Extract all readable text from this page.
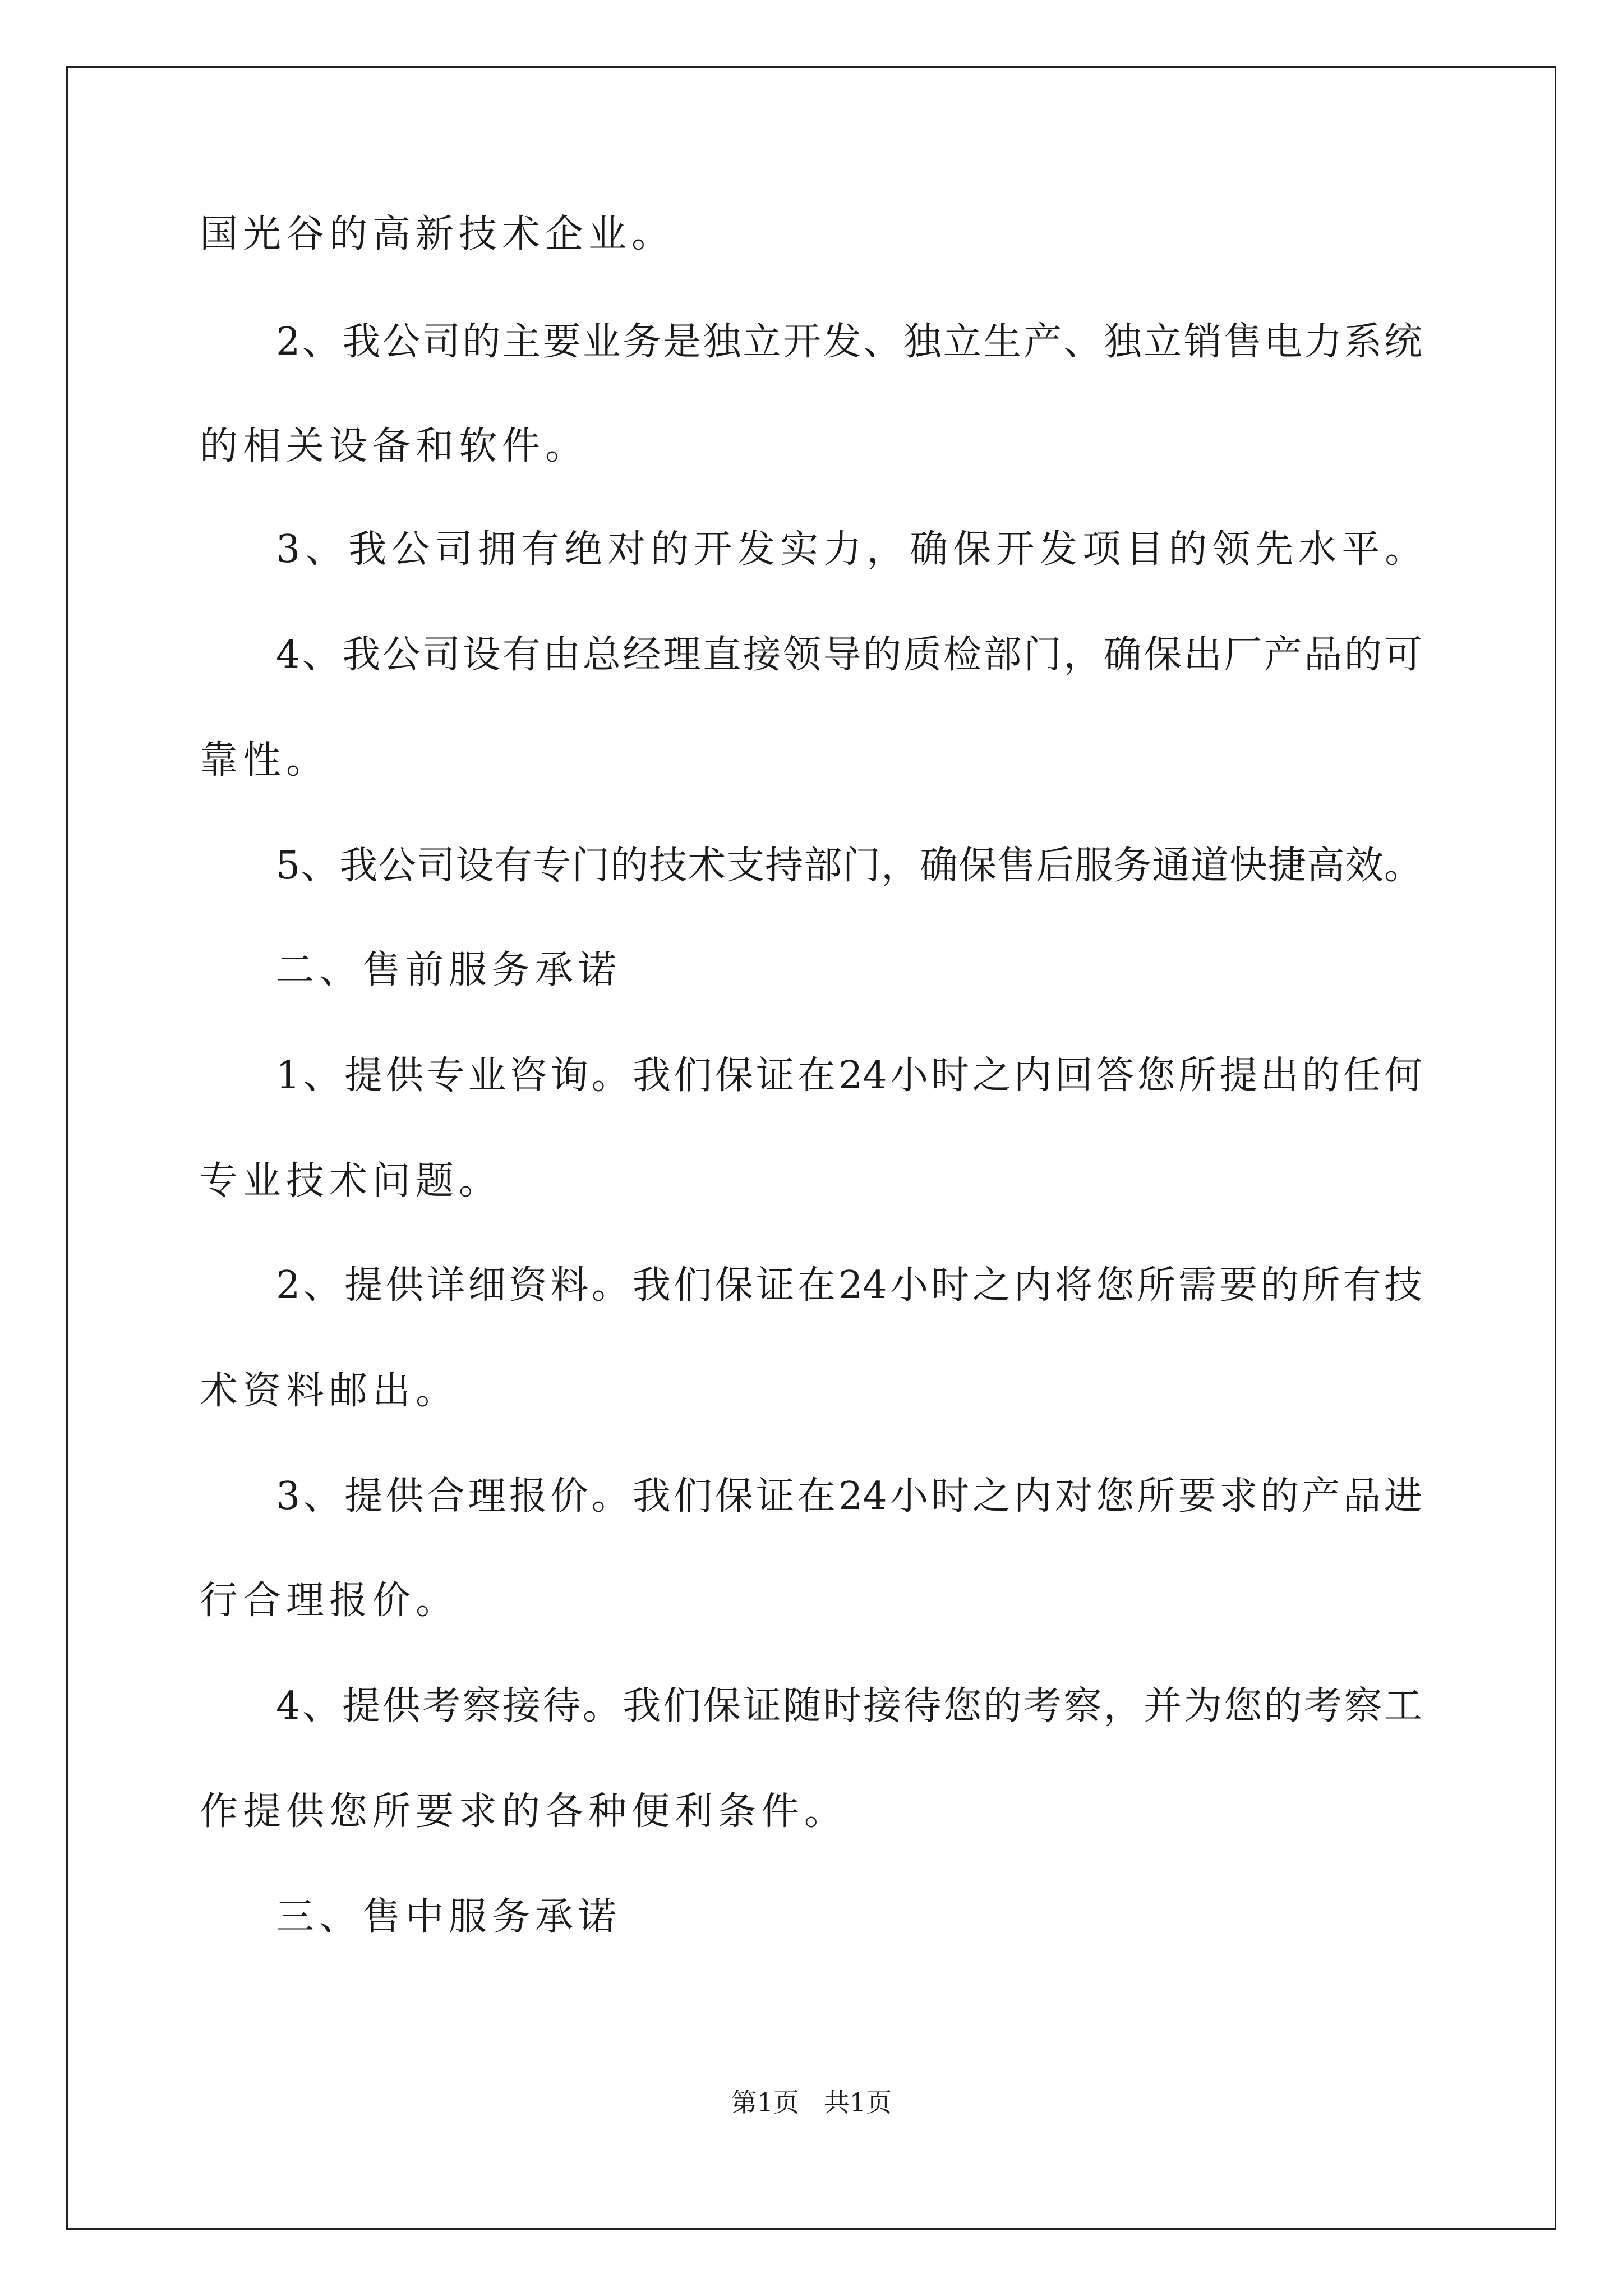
国光谷的高新技术企业。
2、我公司的主要业务是独立开发、独立生产、独立销售电力系统
的相关设备和软件。
3、我公司拥有绝对的开发实力，确保开发项目的领先水平。
4、我公司设有由总经理直接领导的质检部门，确保出厂产品的可
靠性。
5、我公司设有专门的技术支持部门，确保售后服务通道快捷高效。
二、售前服务承诺
1、提供专业咨询。我们保证在24小时之内回答您所提出的任何
专业技术问题。
2、提供详细资料。我们保证在24小时之内将您所需要的所有技
术资料邮出。
3、提供合理报价。我们保证在24小时之内对您所要求的产品进
行合理报价。
4、提供考察接待。我们保证随时接待您的考察，并为您的考察工
作提供您所要求的各种便利条件。
三、售中服务承诺
第1页   共1页
